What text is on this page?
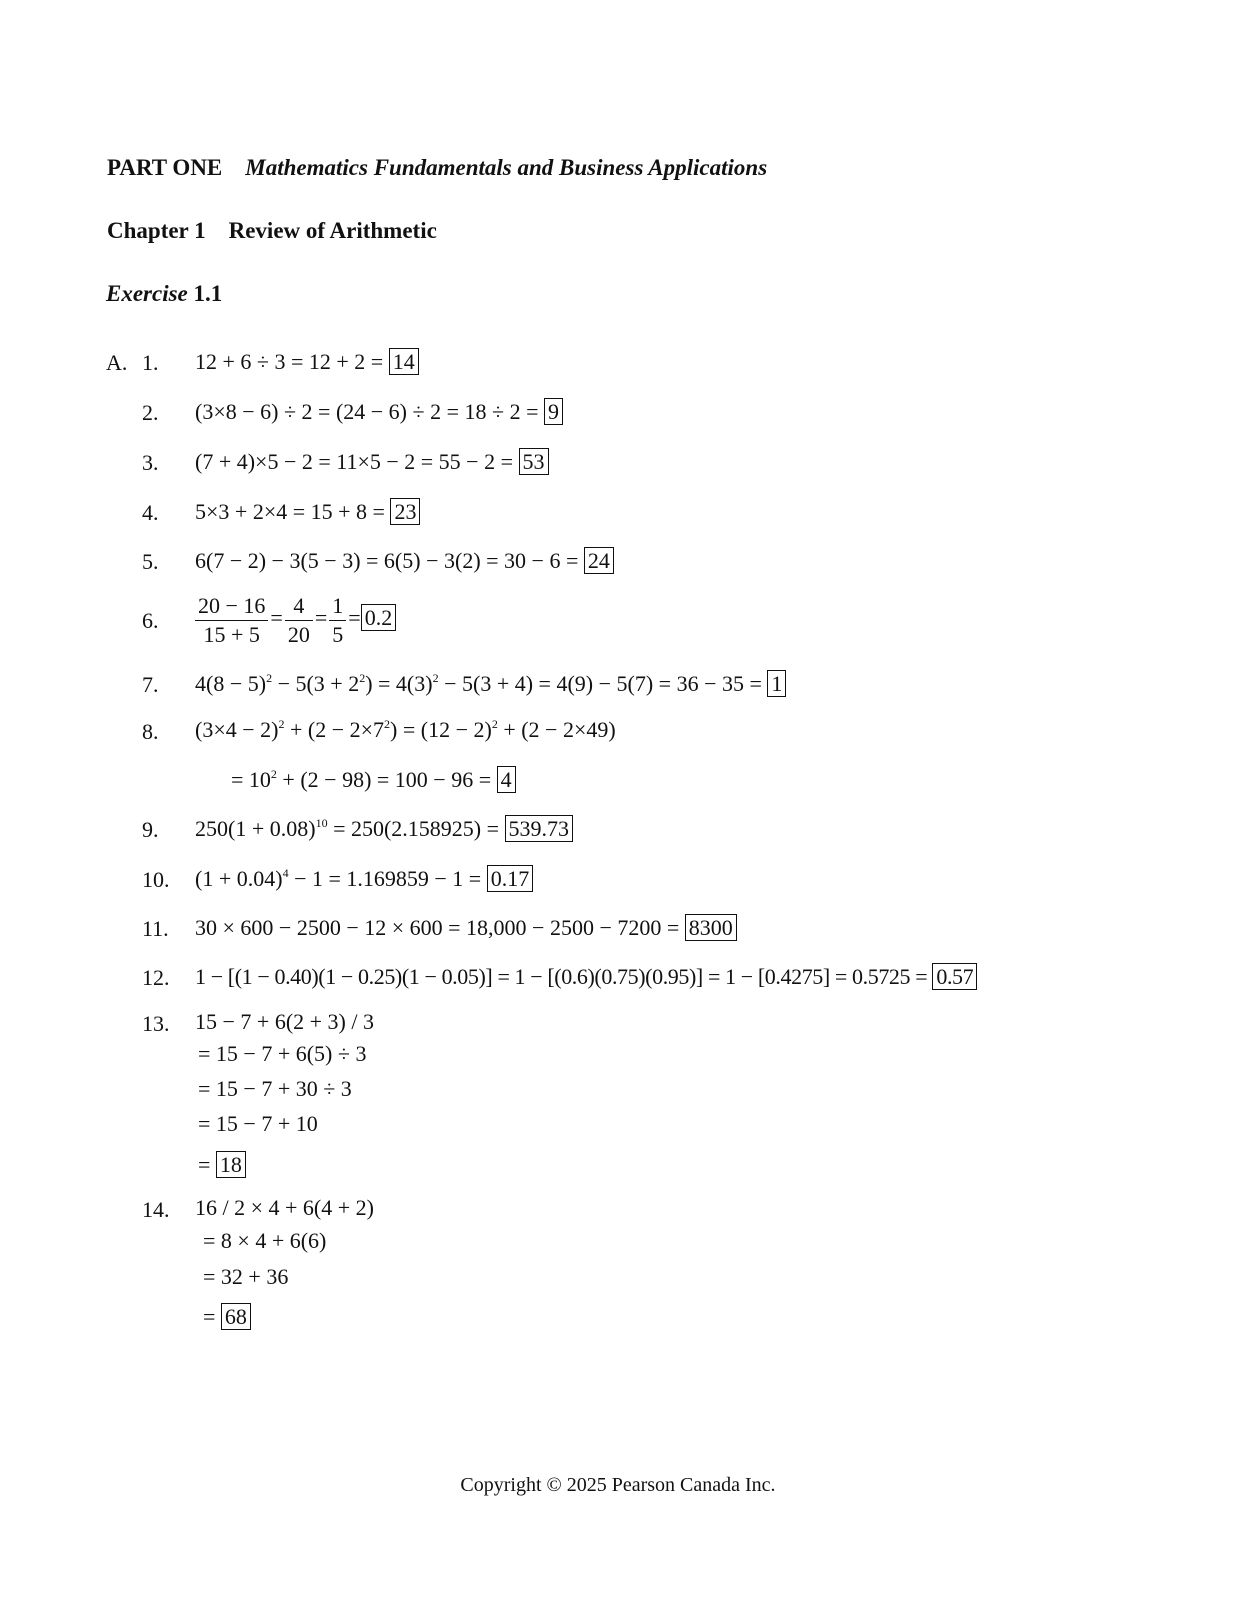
PART ONE Mathematics Fundamentals and Business Applications
Chapter 1 Review of Arithmetic
Exercise 1.1
A. 1. 12 + 6 ÷ 3 = 12 + 2 = 14
2. (3×8 − 6) ÷ 2 = (24 − 6) ÷ 2 = 18 ÷ 2 = 9
3. (7 + 4)×5 − 2 = 11×5 − 2 = 55 − 2 = 53
4. 5×3 + 2×4 = 15 + 8 = 23
5. 6(7 − 2) − 3(5 − 3) = 6(5) − 3(2) = 30 − 6 = 24
6. $\frac{20 - 16}{15 + 5} = \frac{4}{20} = \frac{1}{5} = 0.2$
7. $4(8 - 5)^2 - 5(3 + 2^2) = 4(3)^2 - 5(3 + 4) = 4(9) - 5(7) = 36 - 35 = 1$
8. $(3\times 4 - 2)^2 + (2 - 2\times 7^2) = (12 - 2)^2 + (2 - 2\times 49)$
= $10^2 + (2 - 98) = 100 - 96 = 4$
9. $250(1 + 0.08)^{10} = 250(2.158925) = 539.73$
10. $(1 + 0.04)^4 - 1 = 1.169859 - 1 = 0.17$
11. 30 × 600 − 2500 − 12 × 600 = 18,000 − 2500 − 7200 = 8300
12. 1 − [(1 − 0.40)(1 − 0.25)(1 − 0.05)] = 1 − [(0.6)(0.75)(0.95)] = 1 − [0.4275] = 0.5725 = 0.57
13. 15 − 7 + 6(2 + 3) / 3
= 15 − 7 + 6(5) ÷ 3
= 15 − 7 + 30 ÷ 3
= 15 − 7 + 10
= 18
14. 16 / 2 × 4 + 6(4 + 2)
= 8 × 4 + 6(6)
= 32 + 36
= 68
Copyright © 2025 Pearson Canada Inc.
